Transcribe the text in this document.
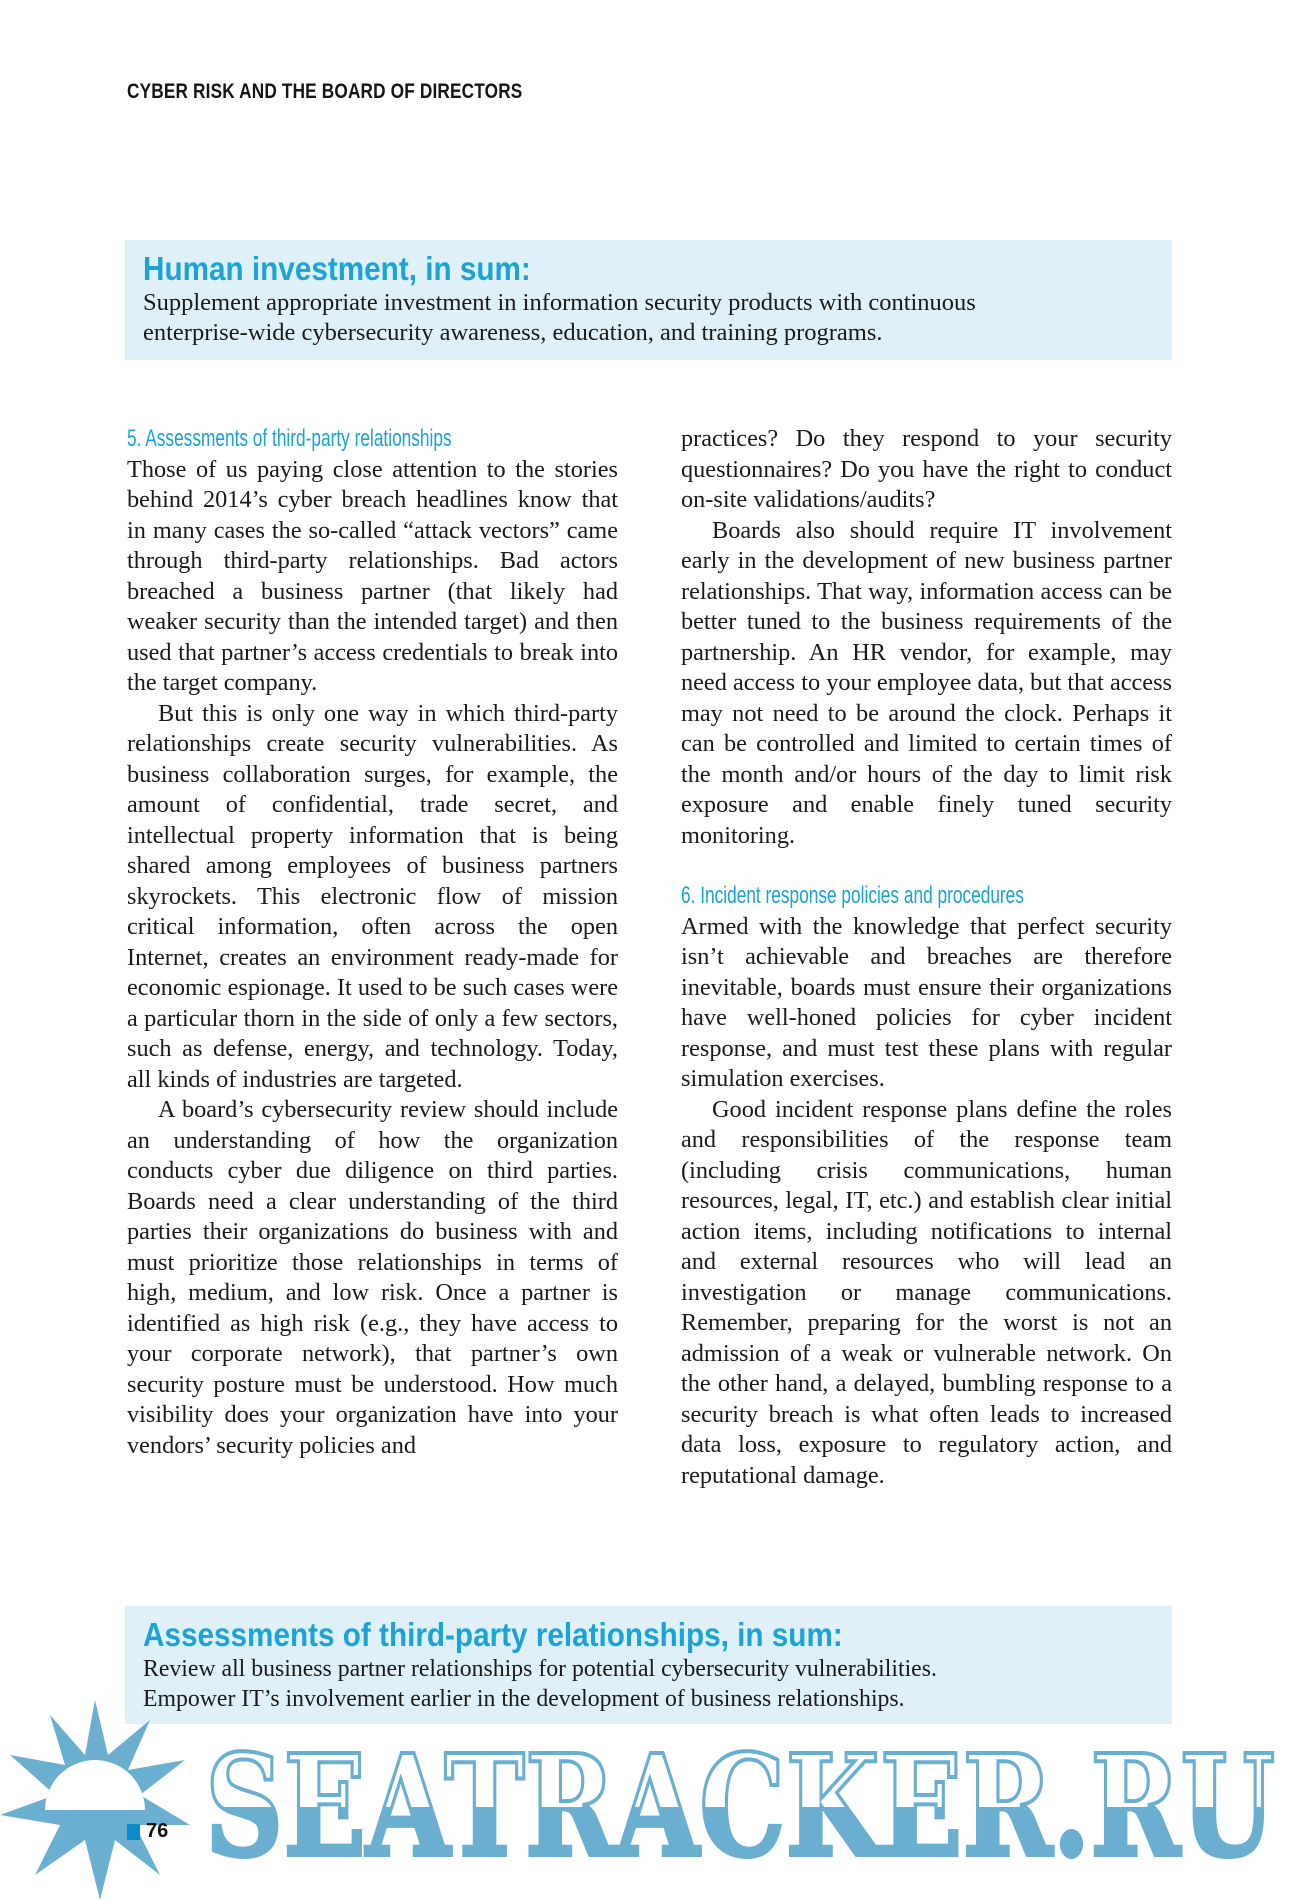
CYBER RISK AND THE BOARD OF DIRECTORS
Human investment, in sum:
Supplement appropriate investment in information security products with continuous
enterprise-wide cybersecurity awareness, education, and training programs.
5. Assessments of third-party relationships

Those of us paying close attention to the stories behind 2014’s cyber breach headlines know that in many cases the so-called “attack vectors” came through third-party relationships. Bad actors breached a business partner (that likely had weaker security than the intended target) and then used that partner’s access credentials to break into the target company.

But this is only one way in which third-party relationships create security vulnerabilities. As business collaboration surges, for example, the amount of confidential, trade secret, and intellectual property information that is being shared among employees of business partners skyrockets. This electronic flow of mission critical information, often across the open Internet, creates an environment ready-made for economic espionage. It used to be such cases were a particular thorn in the side of only a few sectors, such as defense, energy, and technology. Today, all kinds of industries are targeted.

A board’s cybersecurity review should include an understanding of how the organization conducts cyber due diligence on third parties. Boards need a clear understanding of the third parties their organizations do business with and must prioritize those relationships in terms of high, medium, and low risk. Once a partner is identified as high risk (e.g., they have access to your corporate network), that partner’s own security posture must be understood. How much visibility does your organization have into your vendors’ security policies and

practices? Do they respond to your security questionnaires? Do you have the right to conduct on-site validations/audits?

Boards also should require IT involvement early in the development of new business partner relationships. That way, information access can be better tuned to the business requirements of the partnership. An HR vendor, for example, may need access to your employee data, but that access may not need to be around the clock. Perhaps it can be controlled and limited to certain times of the month and/or hours of the day to limit risk exposure and enable finely tuned security monitoring.

6. Incident response policies and procedures

Armed with the knowledge that perfect security isn’t achievable and breaches are therefore inevitable, boards must ensure their organizations have well-honed policies for cyber incident response, and must test these plans with regular simulation exercises.

Good incident response plans define the roles and responsibilities of the response team (including crisis communications, human resources, legal, IT, etc.) and establish clear initial action items, including notifications to internal and external resources who will lead an investigation or manage communications. Remember, preparing for the worst is not an admission of a weak or vulnerable network. On the other hand, a delayed, bumbling response to a security breach is what often leads to increased data loss, exposure to regulatory action, and reputational damage.

Assessments of third-party relationships, in sum:
Review all business partner relationships for potential cybersecurity vulnerabilities.
Empower IT’s involvement earlier in the development of business relationships.
SEATRACKER.RU
76
